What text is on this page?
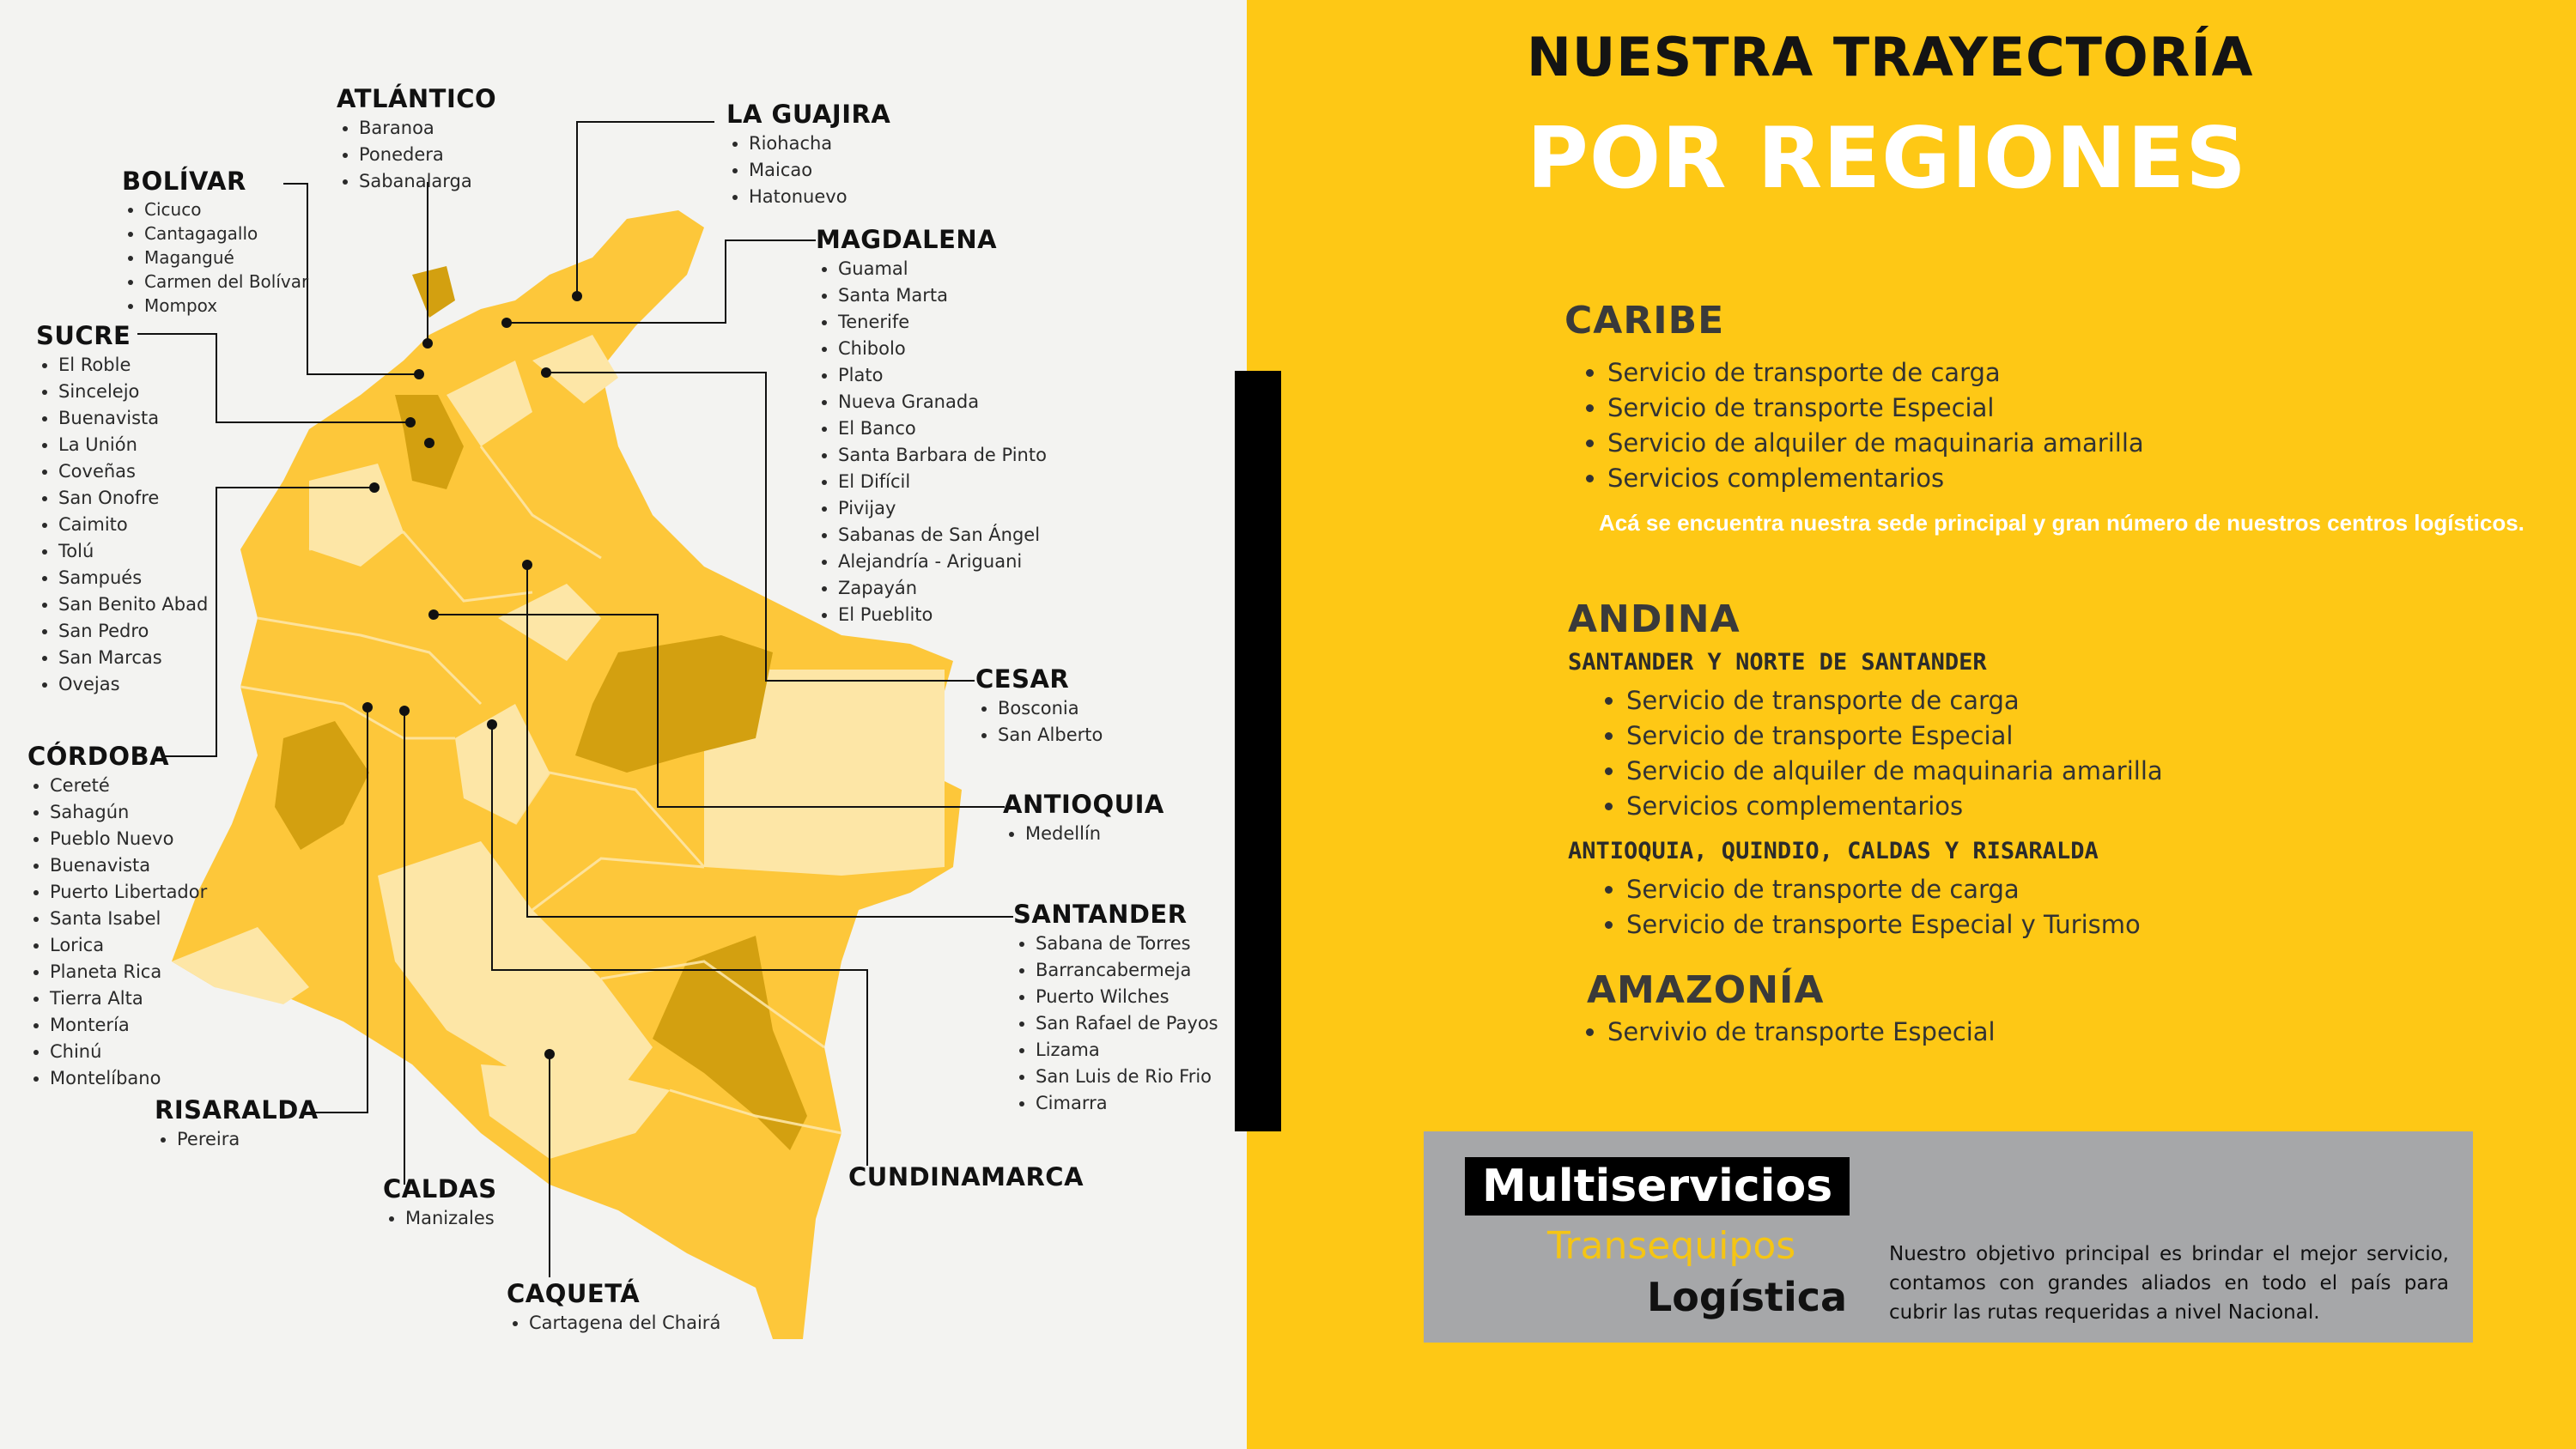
ATLÁNTICO
• Baranoa
• Ponedera
• Sabanalarga
LA GUAJIRA
• Riohacha
• Maicao
• Hatonuevo
BOLÍVAR
• Cicuco
• Cantagagallo
• Magangué
• Carmen del Bolívar
• Mompox
MAGDALENA
• Guamal
• Santa Marta
• Tenerife
• Chibolo
• Plato
• Nueva Granada
• El Banco
• Santa Barbara de Pinto
• El Difícil
• Pivijay
• Sabanas de San Ángel
• Alejandría - Ariguani
• Zapayán
• El Pueblito
SUCRE
• El Roble
• Sincelejo
• Buenavista
• La Unión
• Coveñas
• San Onofre
• Caimito
• Tolú
• Sampués
• San Benito Abad
• San Pedro
• San Marcas
• Ovejas	CESAR
• Bosconia
• San Alberto
CÓRDOBA
• Cereté
• Sahagún
• Pueblo Nuevo
• Buenavista
• Puerto Libertador
• Santa Isabel
• Lorica
• Planeta Rica
• Tierra Alta
• Montería
• Chinú
• Montelíbano
ANTIOQUIA
• Medellín
SANTANDER
• Sabana de Torres
• Barrancabermeja
• Puerto Wilches
• San Rafael de Payos
• Lizama
• San Luis de Rio Frio
• Cimarra
RISARALDA
• Pereira
CALDAS
• Manizales
CUNDINAMARCA
CAQUETÁ
• Cartagena del Chairá
NUESTRA TRAYECTORÍA
POR REGIONES
CARIBE
• Servicio de transporte de carga
• Servicio de transporte Especial
• Servicio de alquiler de maquinaria amarilla
• Servicios complementarios
Acá se encuentra nuestra sede principal y gran número de nuestros centros logísticos.
ANDINA
SANTANDER Y NORTE DE SANTANDER
• Servicio de transporte de carga
• Servicio de transporte Especial
• Servicio de alquiler de maquinaria amarilla
• Servicios complementarios
ANTIOQUIA, QUINDIO, CALDAS Y RISARALDA
• Servicio de transporte de carga
• Servicio de transporte Especial y Turismo
AMAZONÍA
• Servivio de transporte Especial
Multiservicios
Transequipos
Logística
Nuestro objetivo principal es brindar el mejor servicio, contamos con grandes aliados en todo el país para cubrir las rutas requeridas a nivel Nacional.
